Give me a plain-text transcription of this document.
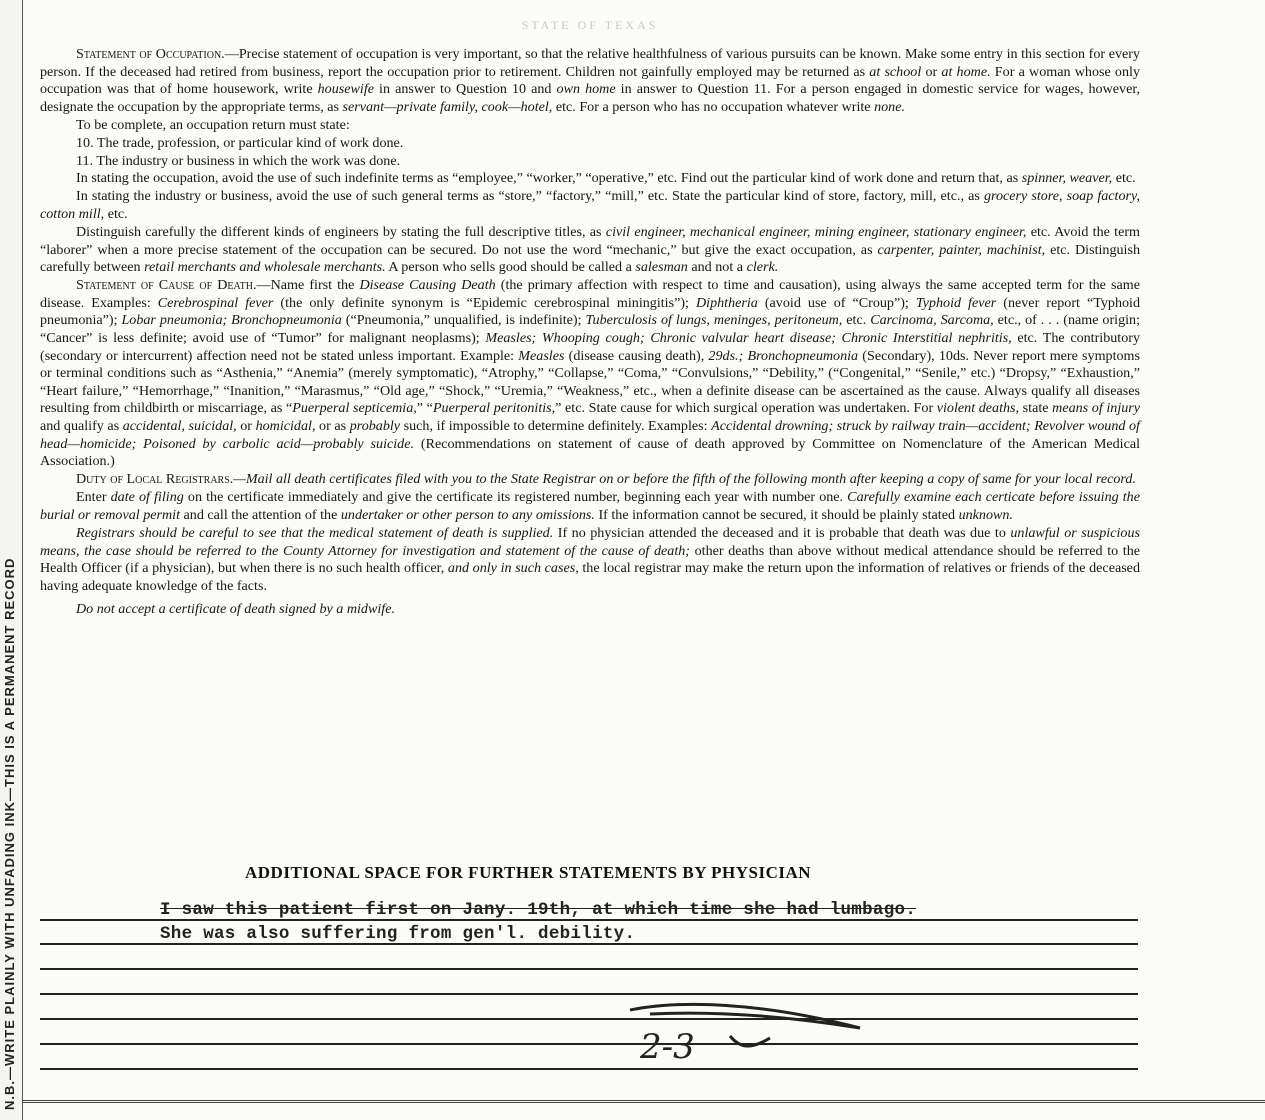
N.B.—WRITE PLAINLY WITH UNFADING INK—THIS IS A PERMANENT RECORD
STATE OF TEXAS

Statement of Occupation.—Precise statement of occupation is very important, so that the relative healthfulness of various pursuits can be known. Make some entry in this section for every person. If the deceased had retired from business, report the occupation prior to retirement. Children not gainfully employed may be returned as at school or at home. For a woman whose only occupation was that of home housework, write housewife in answer to Question 10 and own home in answer to Question 11. For a person engaged in domestic service for wages, however, designate the occupation by the appropriate terms, as servant—private family, cook—hotel, etc. For a person who has no occupation whatever write none.

To be complete, an occupation return must state:

10. The trade, profession, or particular kind of work done.

11. The industry or business in which the work was done.

In stating the occupation, avoid the use of such indefinite terms as “employee,” “worker,” “operative,” etc. Find out the particular kind of work done and return that, as spinner, weaver, etc.

In stating the industry or business, avoid the use of such general terms as “store,” “factory,” “mill,” etc. State the particular kind of store, factory, mill, etc., as grocery store, soap factory, cotton mill, etc.

Distinguish carefully the different kinds of engineers by stating the full descriptive titles, as civil engineer, mechanical engineer, mining engineer, stationary engineer, etc. Avoid the term “laborer” when a more precise statement of the occupation can be secured. Do not use the word “mechanic,” but give the exact occupation, as carpenter, painter, machinist, etc. Distinguish carefully between retail merchants and wholesale merchants. A person who sells good should be called a salesman and not a clerk.

Statement of Cause of Death.—Name first the Disease Causing Death (the primary affection with respect to time and causation), using always the same accepted term for the same disease. Examples: Cerebrospinal fever (the only definite synonym is “Epidemic cerebrospinal miningitis”); Diphtheria (avoid use of “Croup”); Typhoid fever (never report “Typhoid pneumonia”); Lobar pneumonia; Bronchopneumonia (“Pneumonia,” unqualified, is indefinite); Tuberculosis of lungs, meninges, peritoneum, etc. Carcinoma, Sarcoma, etc., of . . . (name origin; “Cancer” is less definite; avoid use of “Tumor” for malignant neoplasms); Measles; Whooping cough; Chronic valvular heart disease; Chronic Interstitial nephritis, etc. The contributory (secondary or intercurrent) affection need not be stated unless important. Example: Measles (disease causing death), 29ds.; Bronchopneumonia (Secondary), 10ds. Never report mere symptoms or terminal conditions such as “Asthenia,” “Anemia” (merely symptomatic), “Atrophy,” “Collapse,” “Coma,” “Convulsions,” “Debility,” (“Congenital,” “Senile,” etc.) “Dropsy,” “Exhaustion,” “Heart failure,” “Hemorrhage,” “Inanition,” “Marasmus,” “Old age,” “Shock,” “Uremia,” “Weakness,” etc., when a definite disease can be ascertained as the cause. Always qualify all diseases resulting from childbirth or miscarriage, as “Puerperal septicemia,” “Puerperal peritonitis,” etc. State cause for which surgical operation was undertaken. For violent deaths, state means of injury and qualify as accidental, suicidal, or homicidal, or as probably such, if impossible to determine definitely. Examples: Accidental drowning; struck by railway train—accident; Revolver wound of head—homicide; Poisoned by carbolic acid—probably suicide. (Recommendations on statement of cause of death approved by Committee on Nomenclature of the American Medical Association.)

Duty of Local Registrars.—Mail all death certificates filed with you to the State Registrar on or before the fifth of the following month after keeping a copy of same for your local record.

Enter date of filing on the certificate immediately and give the certificate its registered number, beginning each year with number one. Carefully examine each certicate before issuing the burial or removal permit and call the attention of the undertaker or other person to any omissions. If the information cannot be secured, it should be plainly stated unknown.

Registrars should be careful to see that the medical statement of death is supplied. If no physician attended the deceased and it is probable that death was due to unlawful or suspicious means, the case should be referred to the County Attorney for investigation and statement of the cause of death; other deaths than above without medical attendance should be referred to the Health Officer (if a physician), but when there is no such health officer, and only in such cases, the local registrar may make the return upon the information of relatives or friends of the deceased having adequate knowledge of the facts.

Do not accept a certificate of death signed by a midwife.

ADDITIONAL SPACE FOR FURTHER STATEMENTS BY PHYSICIAN
I saw this patient first on Jany. 19th, at which time she had lumbago.
She was also suffering from gen'l. debility.
2-3
